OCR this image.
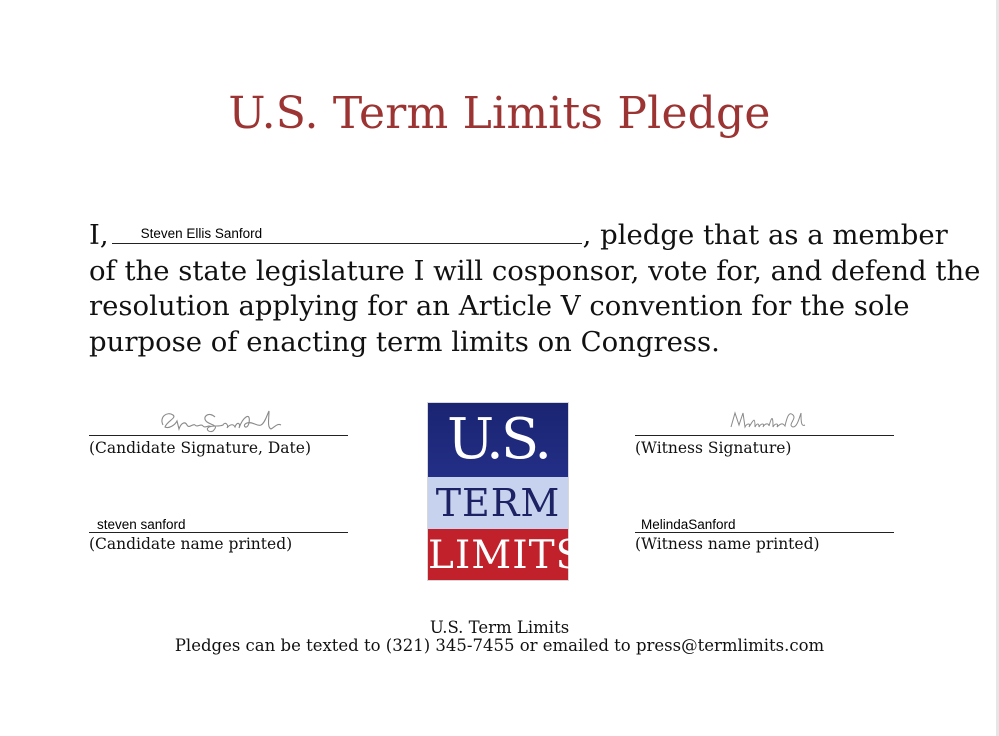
U.S. Term Limits Pledge
I, Steven Ellis Sanford	, pledge that as a member
of the state legislature I will cosponsor, vote for, and defend the
resolution applying for an Article V convention for the sole
purpose of enacting term limits on Congress.
(Candidate Signature, Date)	(Witness Signature)
steven sanford
(Candidate name printed)
MelindaSanford
(Witness name printed)
U.S.
TERM
LIMITS
U.S. Term Limits
Pledges can be texted to (321) 345-7455 or emailed to press@termlimits.com
